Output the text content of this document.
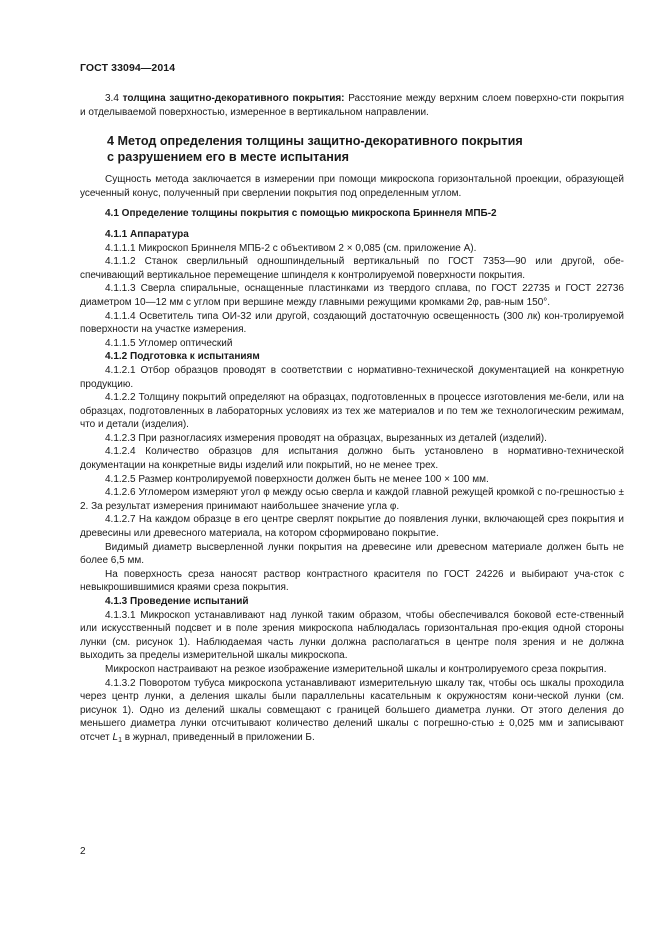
ГОСТ 33094—2014

3.4 толщина защитно-декоративного покрытия: Расстояние между верхним слоем поверхно-сти покрытия и отделываемой поверхностью, измеренное в вертикальном направлении.

4 Метод определения толщины защитно-декоративного покрытия
с разрушением его в месте испытания

Сущность метода заключается в измерении при помощи микроскопа горизонтальной проекции, образующей усеченный конус, полученный при сверлении покрытия под определенным углом.

4.1 Определение толщины покрытия с помощью микроскопа Бриннеля МПБ-2

4.1.1 Аппаратура

4.1.1.1 Микроскоп Бриннеля МПБ-2 с объективом 2 × 0,085 (см. приложение А).

4.1.1.2 Станок сверлильный одношпиндельный вертикальный по ГОСТ 7353—90 или другой, обе-спечивающий вертикальное перемещение шпинделя к контролируемой поверхности покрытия.

4.1.1.3 Сверла спиральные, оснащенные пластинками из твердого сплава, по ГОСТ 22735 и ГОСТ 22736 диаметром 10—12 мм с углом при вершине между главными режущими кромками 2φ, рав-ным 150°.

4.1.1.4 Осветитель типа ОИ-32 или другой, создающий достаточную освещенность (300 лк) кон-тролируемой поверхности на участке измерения.

4.1.1.5 Угломер оптический

4.1.2 Подготовка к испытаниям

4.1.2.1 Отбор образцов проводят в соответствии с нормативно-технической документацией на конкретную продукцию.

4.1.2.2 Толщину покрытий определяют на образцах, подготовленных в процессе изготовления ме-бели, или на образцах, подготовленных в лабораторных условиях из тех же материалов и по тем же технологическим режимам, что и детали (изделия).

4.1.2.3 При разногласиях измерения проводят на образцах, вырезанных из деталей (изделий).

4.1.2.4 Количество образцов для испытания должно быть установлено в нормативно-технической документации на конкретные виды изделий или покрытий, но не менее трех.

4.1.2.5 Размер контролируемой поверхности должен быть не менее 100 × 100 мм.

4.1.2.6 Угломером измеряют угол φ между осью сверла и каждой главной режущей кромкой с по-грешностью ± 2. За результат измерения принимают наибольшее значение угла φ.

4.1.2.7 На каждом образце в его центре сверлят покрытие до появления лунки, включающей срез покрытия и древесины или древесного материала, на котором сформировано покрытие.

Видимый диаметр высверленной лунки покрытия на древесине или древесном материале должен быть не более 6,5 мм.

На поверхность среза наносят раствор контрастного красителя по ГОСТ 24226 и выбирают уча-сток с невыкрошившимися краями среза покрытия.

4.1.3 Проведение испытаний

4.1.3.1 Микроскоп устанавливают над лункой таким образом, чтобы обеспечивался боковой есте-ственный или искусственный подсвет и в поле зрения микроскопа наблюдалась горизонтальная про-екция одной стороны лунки (см. рисунок 1). Наблюдаемая часть лунки должна располагаться в центре поля зрения и не должна выходить за пределы измерительной шкалы микроскопа.

Микроскоп настраивают на резкое изображение измерительной шкалы и контролируемого среза покрытия.

4.1.3.2 Поворотом тубуса микроскопа устанавливают измерительную шкалу так, чтобы ось шкалы проходила через центр лунки, а деления шкалы были параллельны касательным к окружностям кони-ческой лунки (см. рисунок 1). Одно из делений шкалы совмещают с границей большего диаметра лунки. От этого деления до меньшего диаметра лунки отсчитывают количество делений шкалы с погрешно-стью ± 0,025 мм и записывают отсчет $L_1$ в журнал, приведенный в приложении Б.

2
